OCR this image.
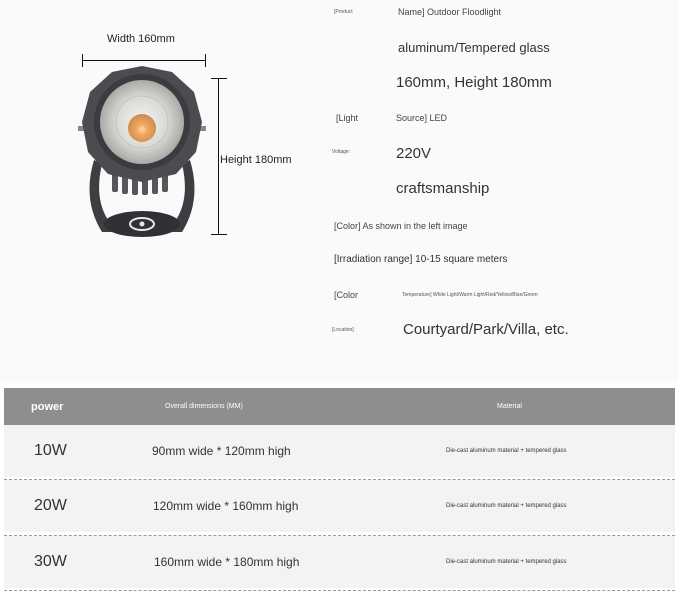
Width 160mm
Height 180mm
[Product	Name] Outdoor Floodlight
aluminum/Tempered glass
160mm, Height 180mm
[Light	Source] LED
Voltage:	220V
craftsmanship
[Color] As shown in the left image
[Irradiation range] 10-15 square meters
[Color	Temperature] White Light/Warm Light/Red/Yellow/Blue/Green
[Location]	Courtyard/Park/Villa, etc.
power	Overall dimensions (MM)	Material
10W	90mm wide * 120mm high	Die-cast aluminum material + tempered glass
20W	120mm wide * 160mm high	Die-cast aluminum material + tempered glass
30W	160mm wide * 180mm high	Die-cast aluminum material + tempered glass
